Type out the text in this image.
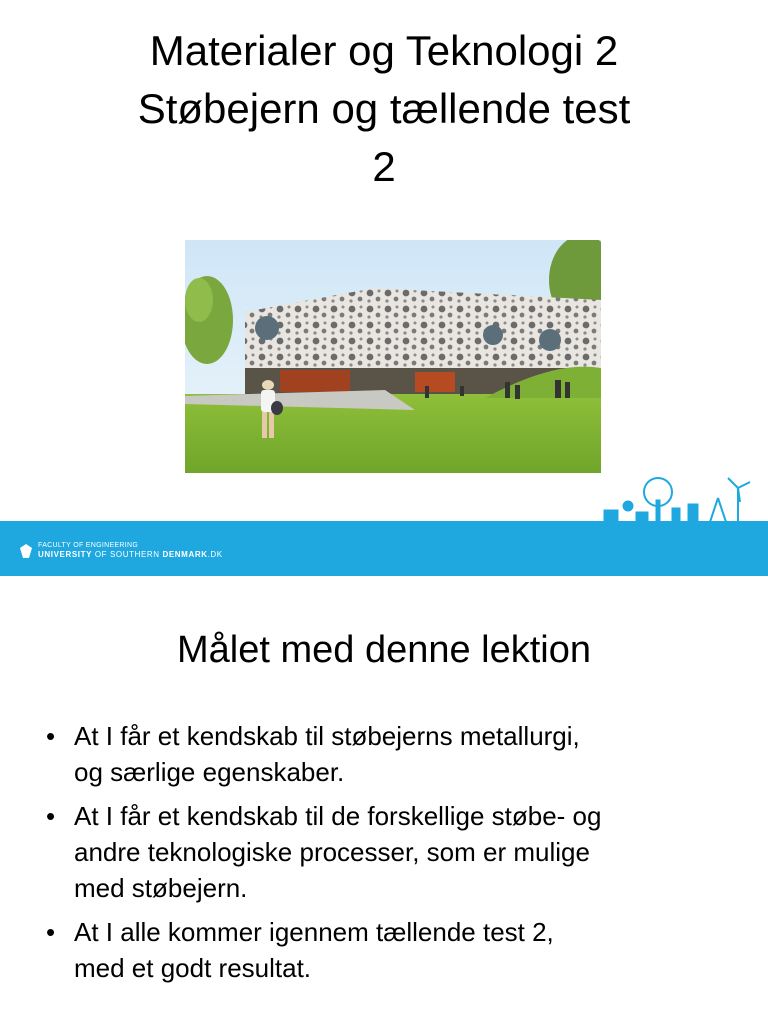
Materialer og Teknologi 2
Støbejern og tællende test
2
FACULTY OF ENGINEERING
UNIVERSITY OF SOUTHERN DENMARK.DK
Målet med denne lektion
• At I får et kendskab til støbejerns metallurgi,
og særlige egenskaber.
• At I får et kendskab til de forskellige støbe- og
andre teknologiske processer, som er mulige
med støbejern.
• At I alle kommer igennem tællende test 2,
med et godt resultat.
